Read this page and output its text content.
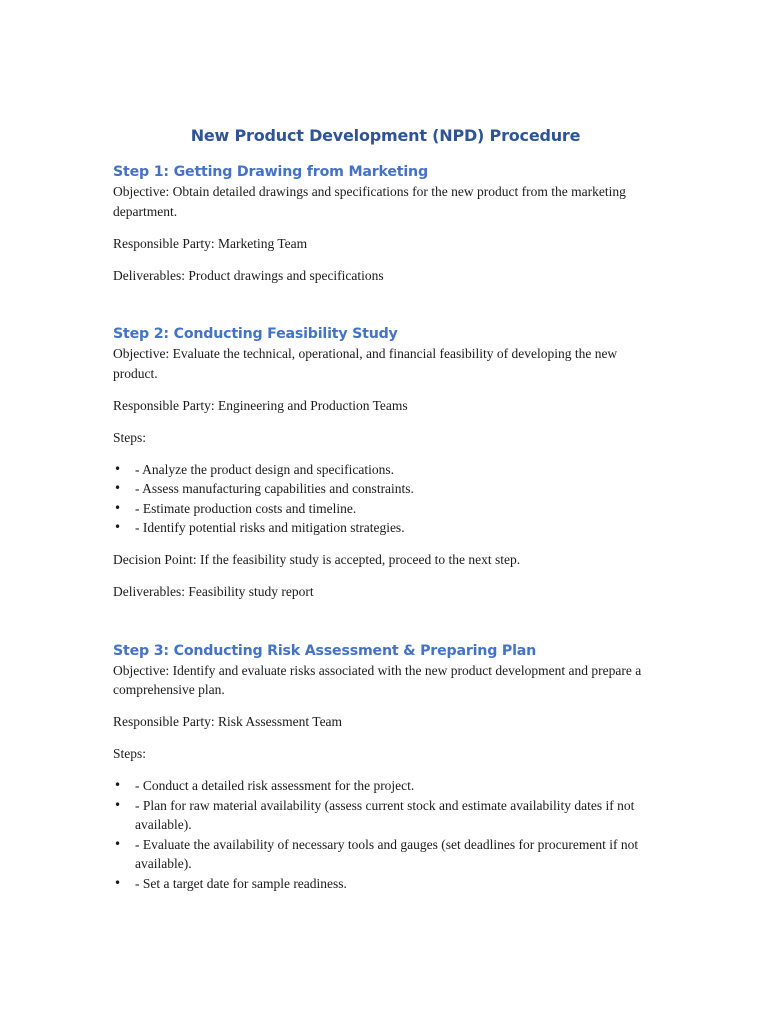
New Product Development (NPD) Procedure
Step 1: Getting Drawing from Marketing

Objective: Obtain detailed drawings and specifications for the new product from the marketing department.

Responsible Party: Marketing Team

Deliverables: Product drawings and specifications

Step 2: Conducting Feasibility Study

Objective: Evaluate the technical, operational, and financial feasibility of developing the new product.

Responsible Party: Engineering and Production Teams

Steps:

• - Analyze the product design and specifications.
• - Assess manufacturing capabilities and constraints.
• - Estimate production costs and timeline.
• - Identify potential risks and mitigation strategies.

Decision Point: If the feasibility study is accepted, proceed to the next step.

Deliverables: Feasibility study report

Step 3: Conducting Risk Assessment & Preparing Plan

Objective: Identify and evaluate risks associated with the new product development and prepare a comprehensive plan.

Responsible Party: Risk Assessment Team

Steps:

• - Conduct a detailed risk assessment for the project.
• - Plan for raw material availability (assess current stock and estimate availability dates if not available).
• - Evaluate the availability of necessary tools and gauges (set deadlines for procurement if not available).
• - Set a target date for sample readiness.
